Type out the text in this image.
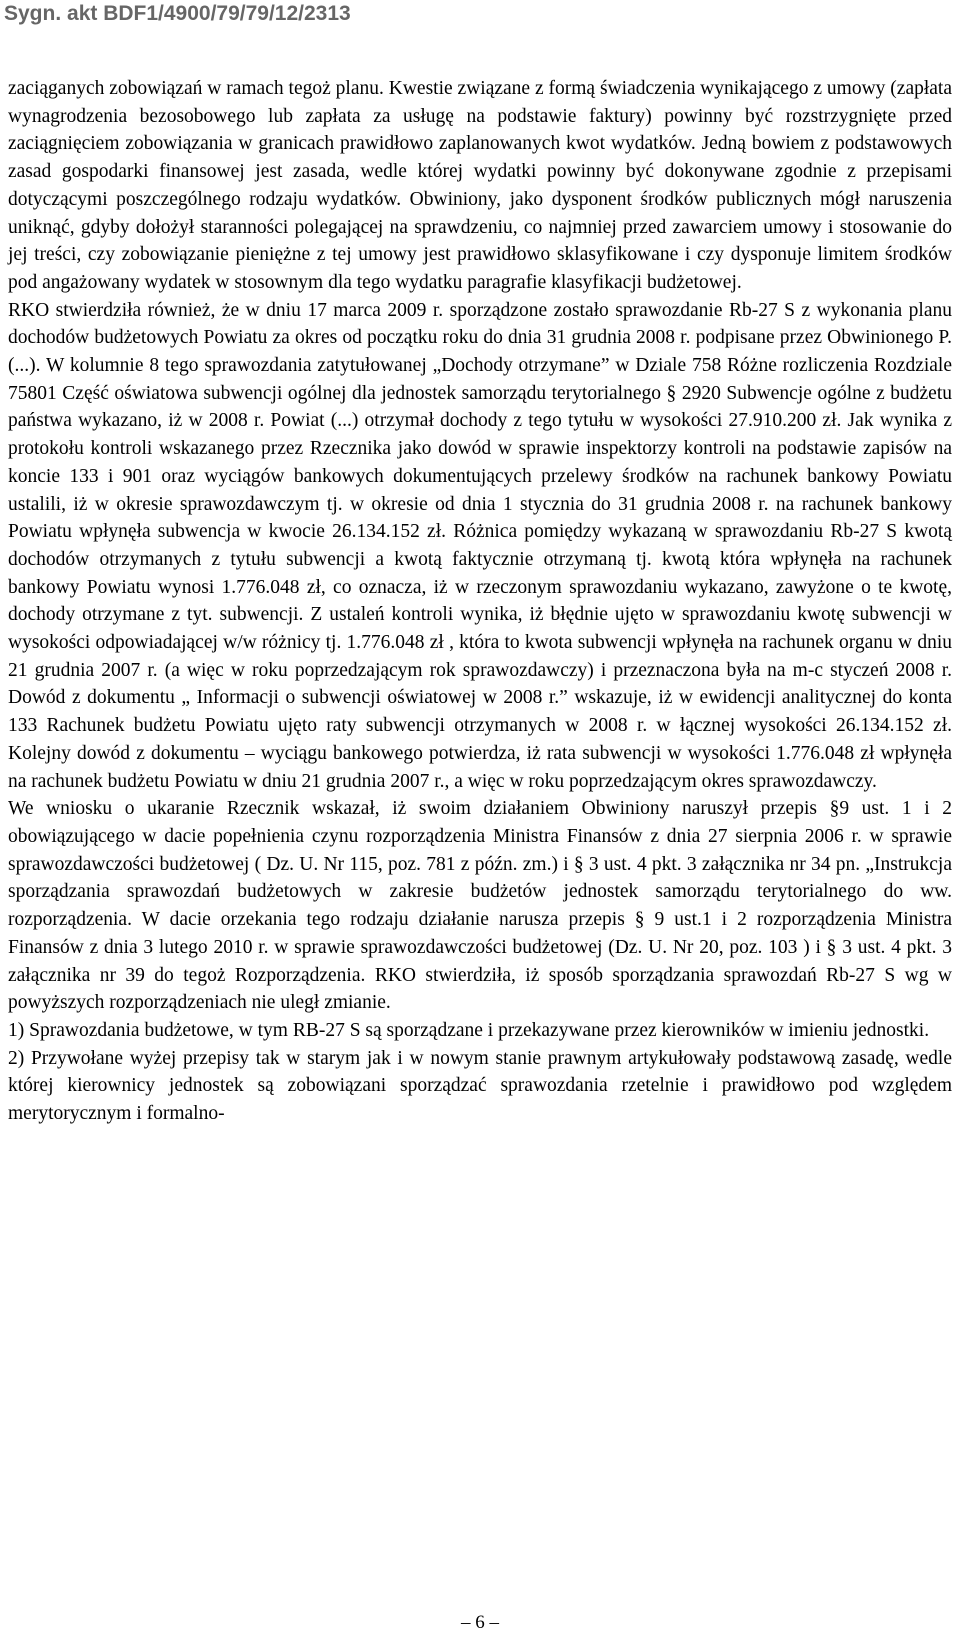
Sygn. akt BDF1/4900/79/79/12/2313

zaciąganych zobowiązań w ramach tegoż planu. Kwestie związane z formą świadczenia wynikającego z umowy (zapłata wynagrodzenia bezosobowego lub zapłata za usługę na podstawie faktury) powinny być rozstrzygnięte przed zaciągnięciem zobowiązania w granicach prawidłowo zaplanowanych kwot wydatków. Jedną bowiem z podstawowych zasad gospodarki finansowej jest zasada, wedle której wydatki powinny być dokonywane zgodnie z przepisami dotyczącymi poszczególnego rodzaju wydatków. Obwiniony, jako dysponent środków publicznych mógł naruszenia uniknąć, gdyby dołożył staranności polegającej na sprawdzeniu, co najmniej przed zawarciem umowy i stosowanie do jej treści, czy zobowiązanie pieniężne z tej umowy jest prawidłowo sklasyfikowane i czy dysponuje limitem środków pod angażowany wydatek w stosownym dla tego wydatku paragrafie klasyfikacji budżetowej.

RKO stwierdziła również, że w dniu 17 marca 2009 r. sporządzone zostało sprawozdanie Rb-27 S z wykonania planu dochodów budżetowych Powiatu za okres od początku roku do dnia 31 grudnia 2008 r. podpisane przez Obwinionego P. (...). W kolumnie 8 tego sprawozdania zatytułowanej „Dochody otrzymane” w Dziale 758 Różne rozliczenia Rozdziale 75801 Część oświatowa subwencji ogólnej dla jednostek samorządu terytorialnego § 2920 Subwencje ogólne z budżetu państwa wykazano, iż w 2008 r. Powiat (...) otrzymał dochody z tego tytułu w wysokości 27.910.200 zł. Jak wynika z protokołu kontroli wskazanego przez Rzecznika jako dowód w sprawie inspektorzy kontroli na podstawie zapisów na koncie 133 i 901 oraz wyciągów bankowych dokumentujących przelewy środków na rachunek bankowy Powiatu ustalili, iż w okresie sprawozdawczym tj. w okresie od dnia 1 stycznia do 31 grudnia 2008 r. na rachunek bankowy Powiatu wpłynęła subwencja w kwocie 26.134.152 zł. Różnica pomiędzy wykazaną w sprawozdaniu Rb-27 S kwotą dochodów otrzymanych z tytułu subwencji a kwotą faktycznie otrzymaną tj. kwotą która wpłynęła na rachunek bankowy Powiatu wynosi 1.776.048 zł, co oznacza, iż w rzeczonym sprawozdaniu wykazano, zawyżone o te kwotę, dochody otrzymane z tyt. subwencji. Z ustaleń kontroli wynika, iż błędnie ujęto w sprawozdaniu kwotę subwencji w wysokości odpowiadającej w/w różnicy tj. 1.776.048 zł , która to kwota subwencji wpłynęła na rachunek organu w dniu 21 grudnia 2007 r. (a więc w roku poprzedzającym rok sprawozdawczy) i przeznaczona była na m-c styczeń 2008 r. Dowód z dokumentu „ Informacji o subwencji oświatowej w 2008 r.” wskazuje, iż w ewidencji analitycznej do konta 133 Rachunek budżetu Powiatu ujęto raty subwencji otrzymanych w 2008 r. w łącznej wysokości 26.134.152 zł. Kolejny dowód z dokumentu – wyciągu bankowego potwierdza, iż rata subwencji w wysokości 1.776.048 zł wpłynęła na rachunek budżetu Powiatu w dniu 21 grudnia 2007 r., a więc w roku poprzedzającym okres sprawozdawczy.

We wniosku o ukaranie Rzecznik wskazał, iż swoim działaniem Obwiniony naruszył przepis §9 ust. 1 i 2 obowiązującego w dacie popełnienia czynu rozporządzenia Ministra Finansów z dnia 27 sierpnia 2006 r. w sprawie sprawozdawczości budżetowej ( Dz. U. Nr 115, poz. 781 z późn. zm.) i § 3 ust. 4 pkt. 3 załącznika nr 34 pn. „Instrukcja sporządzania sprawozdań budżetowych w zakresie budżetów jednostek samorządu terytorialnego do ww. rozporządzenia. W dacie orzekania tego rodzaju działanie narusza przepis § 9 ust.1 i 2 rozporządzenia Ministra Finansów z dnia 3 lutego 2010 r. w sprawie sprawozdawczości budżetowej (Dz. U. Nr 20, poz. 103 ) i § 3 ust. 4 pkt. 3 załącznika nr 39 do tegoż Rozporządzenia. RKO stwierdziła, iż sposób sporządzania sprawozdań Rb-27 S wg w powyższych rozporządzeniach nie uległ zmianie.

1) Sprawozdania budżetowe, w tym RB-27 S są sporządzane i przekazywane przez kierowników w imieniu jednostki.

2) Przywołane wyżej przepisy tak w starym jak i w nowym stanie prawnym artykułowały podstawową zasadę, wedle której kierownicy jednostek są zobowiązani sporządzać sprawozdania rzetelnie i prawidłowo pod względem merytorycznym i formalno-

– 6 –
